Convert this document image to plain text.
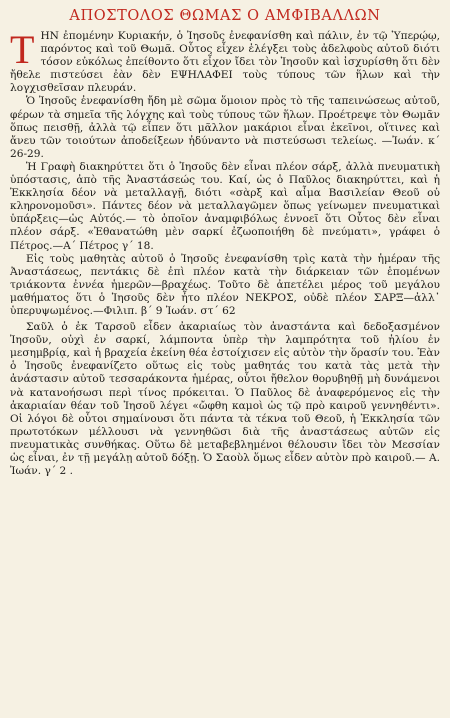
ΑΠΟΣΤΟΛΟΣ ΘΩΜΑΣ Ο ΑΜΦΙΒΑΛΛΩΝ

ΤΗΝ ἐπομένην Κυριακήν, ὁ Ἰησοῦς ἐνεφανίσθη καὶ πάλιν, ἐν τῷ Ὑπερῴῳ, παρόντος καὶ τοῦ Θωμᾶ. Οὗτος εἶχεν ἐλέγξει τοὺς ἀδελφοὺς αὐτοῦ διότι τόσον εὐκόλως ἐπείθοντο ὅτι εἶχον ἴδει τὸν Ἰησοῦν καὶ ἰσχυρίσθη ὅτι δὲν ἤθελε πιστεύσει ἐὰν δὲν ΕΨΗΛΑΦΕΙ τοὺς τύπους τῶν ἥλων καὶ τὴν λογχισθεῖσαν πλευράν.

Ὁ Ἰησοῦς ἐνεφανίσθη ἤδη μὲ σῶμα ὅμοιον πρὸς τὸ τῆς ταπεινώσεως αὐτοῦ, φέρων τὰ σημεῖα τῆς λόγχης καὶ τοὺς τύπους τῶν ἥλων. Προέτρεψε τὸν Θωμᾶν ὅπως πεισθῇ, ἀλλὰ τῷ εἶπεν ὅτι μᾶλλον μακάριοι εἶναι ἐκεῖνοι, οἵτινες καὶ ἄνευ τῶν τοιούτων ἀποδείξεων ἠδύναντο νὰ πιστεύσωσι τελείως. —Ἰωάν. κ΄ 26-29.

Ἡ Γραφὴ διακηρύττει ὅτι ὁ Ἰησοῦς δὲν εἶναι πλέον σάρξ, ἀλλὰ πνευματικὴ ὑπόστασις, ἀπὸ τῆς Ἀναστάσεώς του. Καί, ὡς ὁ Παῦλος διακηρύττει, καὶ ἡ Ἐκκλησία δέον νὰ μεταλλαγῇ, διότι «σὰρξ καὶ αἷμα Βασιλείαν Θεοῦ οὐ κληρονομοῦσι». Πάντες δέον νὰ μεταλλαγῶμεν ὅπως γείνωμεν πνευματικαὶ ὑπάρξεις—ὡς Αὐτός.— τὸ ὁποῖον ἀναμφιβόλως ἐννοεῖ ὅτι Οὗτος δὲν εἶναι πλέον σάρξ. «Ἐθανατώθη μὲν σαρκί ἐζωοποιήθη δὲ πνεύματι», γράφει ὁ Πέτρος.—Α΄ Πέτρος γ΄ 18.

Εἰς τοὺς μαθητὰς αὐτοῦ ὁ Ἰησοῦς ἐνεφανίσθη τρὶς κατὰ τὴν ἡμέραν τῆς Ἀναστάσεως, πεντάκις δὲ ἐπὶ πλέον κατὰ τὴν διάρκειαν τῶν ἑπομένων τριάκοντα ἐννέα ἡμερῶν—βραχέως. Τοῦτο δὲ ἀπετέλει μέρος τοῦ μεγάλου μαθήματος ὅτι ὁ Ἰησοῦς δὲν ἦτο πλέον ΝΕΚΡΟΣ, οὐδὲ πλέον ΣΑΡΞ—ἀλλ᾽ ὑπερυψωμένος.—Φιλιπ. β΄ 9 Ἰωάν. στ΄ 62

Σαῦλ ὁ ἐκ Ταρσοῦ εἶδεν ἀκαριαίως τὸν ἀναστάντα καὶ δεδοξασμένον Ἰησοῦν, οὐχὶ ἐν σαρκί, λάμποντα ὑπὲρ τὴν λαμπρότητα τοῦ ἡλίου ἐν μεσημβρίᾳ, καὶ ἡ βραχεία ἐκείνη θέα ἐστοίχισεν εἰς αὐτὸν τὴν ὅρασίν του. Ἐὰν ὁ Ἰησοῦς ἐνεφανίζετο οὕτως εἰς τοὺς μαθητάς του κατὰ τὰς μετὰ τὴν ἀνάστασιν αὐτοῦ τεσσαράκοντα ἡμέρας, οὗτοι ἤθελον θορυβηθῇ μὴ δυνάμενοι νὰ κατανοήσωσι περὶ τίνος πρόκειται. Ὁ Παῦλος δὲ ἀναφερόμενος εἰς τὴν ἀκαριαίαν θέαν τοῦ Ἰησοῦ λέγει «ὤφθη καμοὶ ὡς τῷ πρὸ καιροῦ γεννηθέντι». Οἱ λόγοι δὲ οὗτοι σημαίνουσι ὅτι πάντα τὰ τέκνα τοῦ Θεοῦ, ἡ Ἐκκλησία τῶν πρωτοτόκων μέλλουσι νὰ γεννηθῶσι διὰ τῆς ἀναστάσεως αὐτῶν εἰς πνευματικὰς συνθήκας. Οὕτω δὲ μεταβεβλημένοι θέλουσιν ἴδει τὸν Μεσσίαν ὡς εἶναι, ἐν τῇ μεγάλῃ αὐτοῦ δόξῃ. Ὁ Σαοὺλ ὅμως εἶδεν αὐτὸν πρὸ καιροῦ.— Α. Ἰωάν. γ΄ 2 .
